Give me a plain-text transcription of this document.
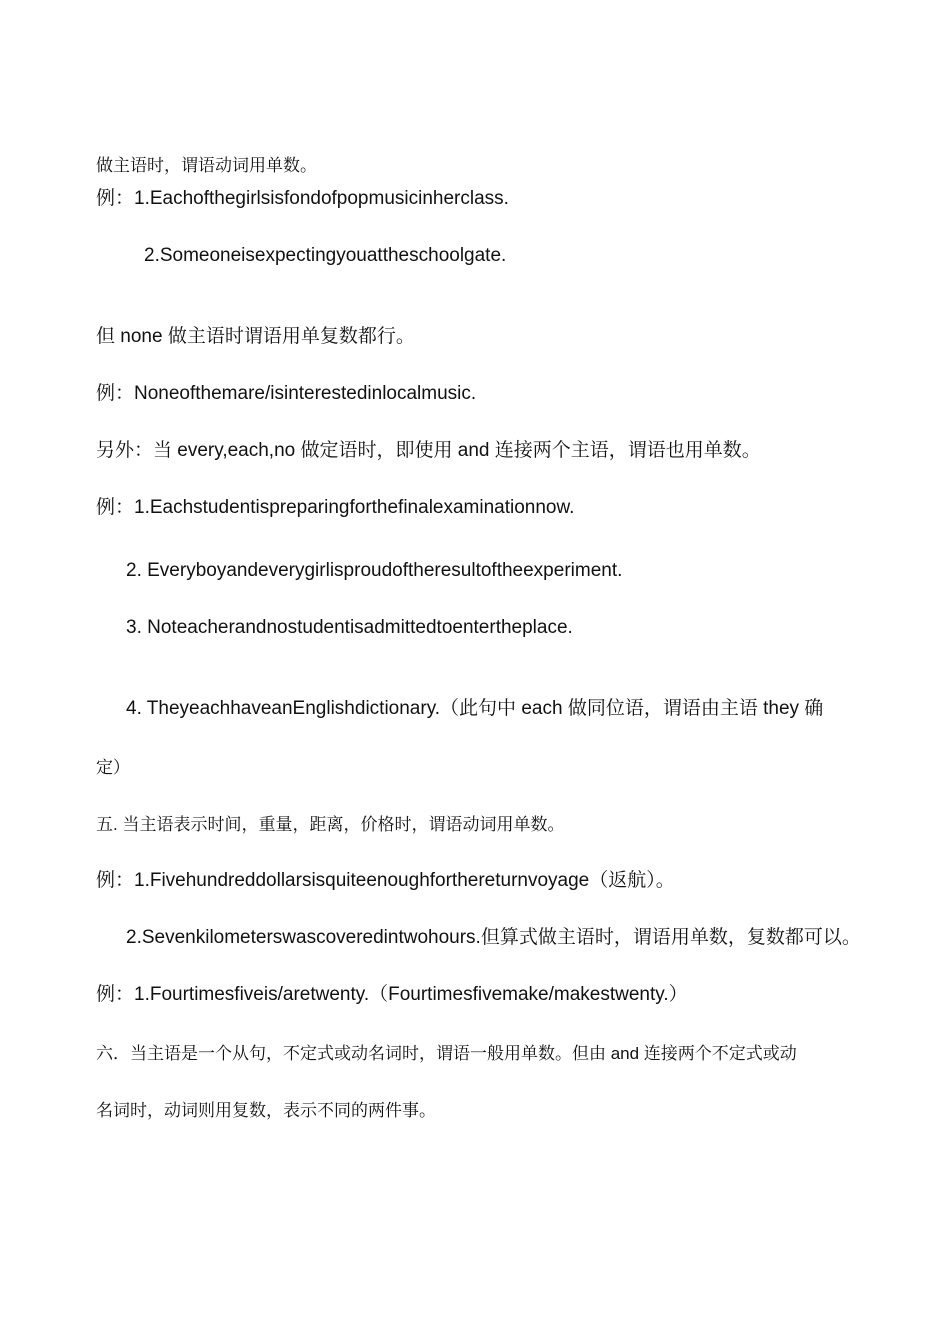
做主语时，谓语动词用单数。
例：1.Eachofthegirlsisfondofpopmusicinherclass.
2.Someoneisexpectingyouattheschoolgate.
但 none 做主语时谓语用单复数都行。
例：Noneofthemare/isinterestedinlocalmusic.
另外：当 every,each,no 做定语时，即使用 and 连接两个主语，谓语也用单数。
例：1.Eachstudentispreparingforthefinalexaminationnow.
2. Everyboyandeverygirlisproudoftheresultoftheexperiment.
3. Noteacherandnostudentisadmittedtoentertheplace.
4. TheyeachhaveanEnglishdictionary.（此句中 each 做同位语，谓语由主语 they 确
定）
五. 当主语表示时间，重量，距离，价格时，谓语动词用单数。
例：1.Fivehundreddollarsisquiteenoughforthereturnvoyage（返航）。
2.Sevenkilometerswascoveredintwohours.但算式做主语时，谓语用单数，复数都可以。
例：1.Fourtimesfiveis/aretwenty.（Fourtimesfivemake/makestwenty.）
六．当主语是一个从句，不定式或动名词时，谓语一般用单数。但由 and 连接两个不定式或动
名词时，动词则用复数，表示不同的两件事。
